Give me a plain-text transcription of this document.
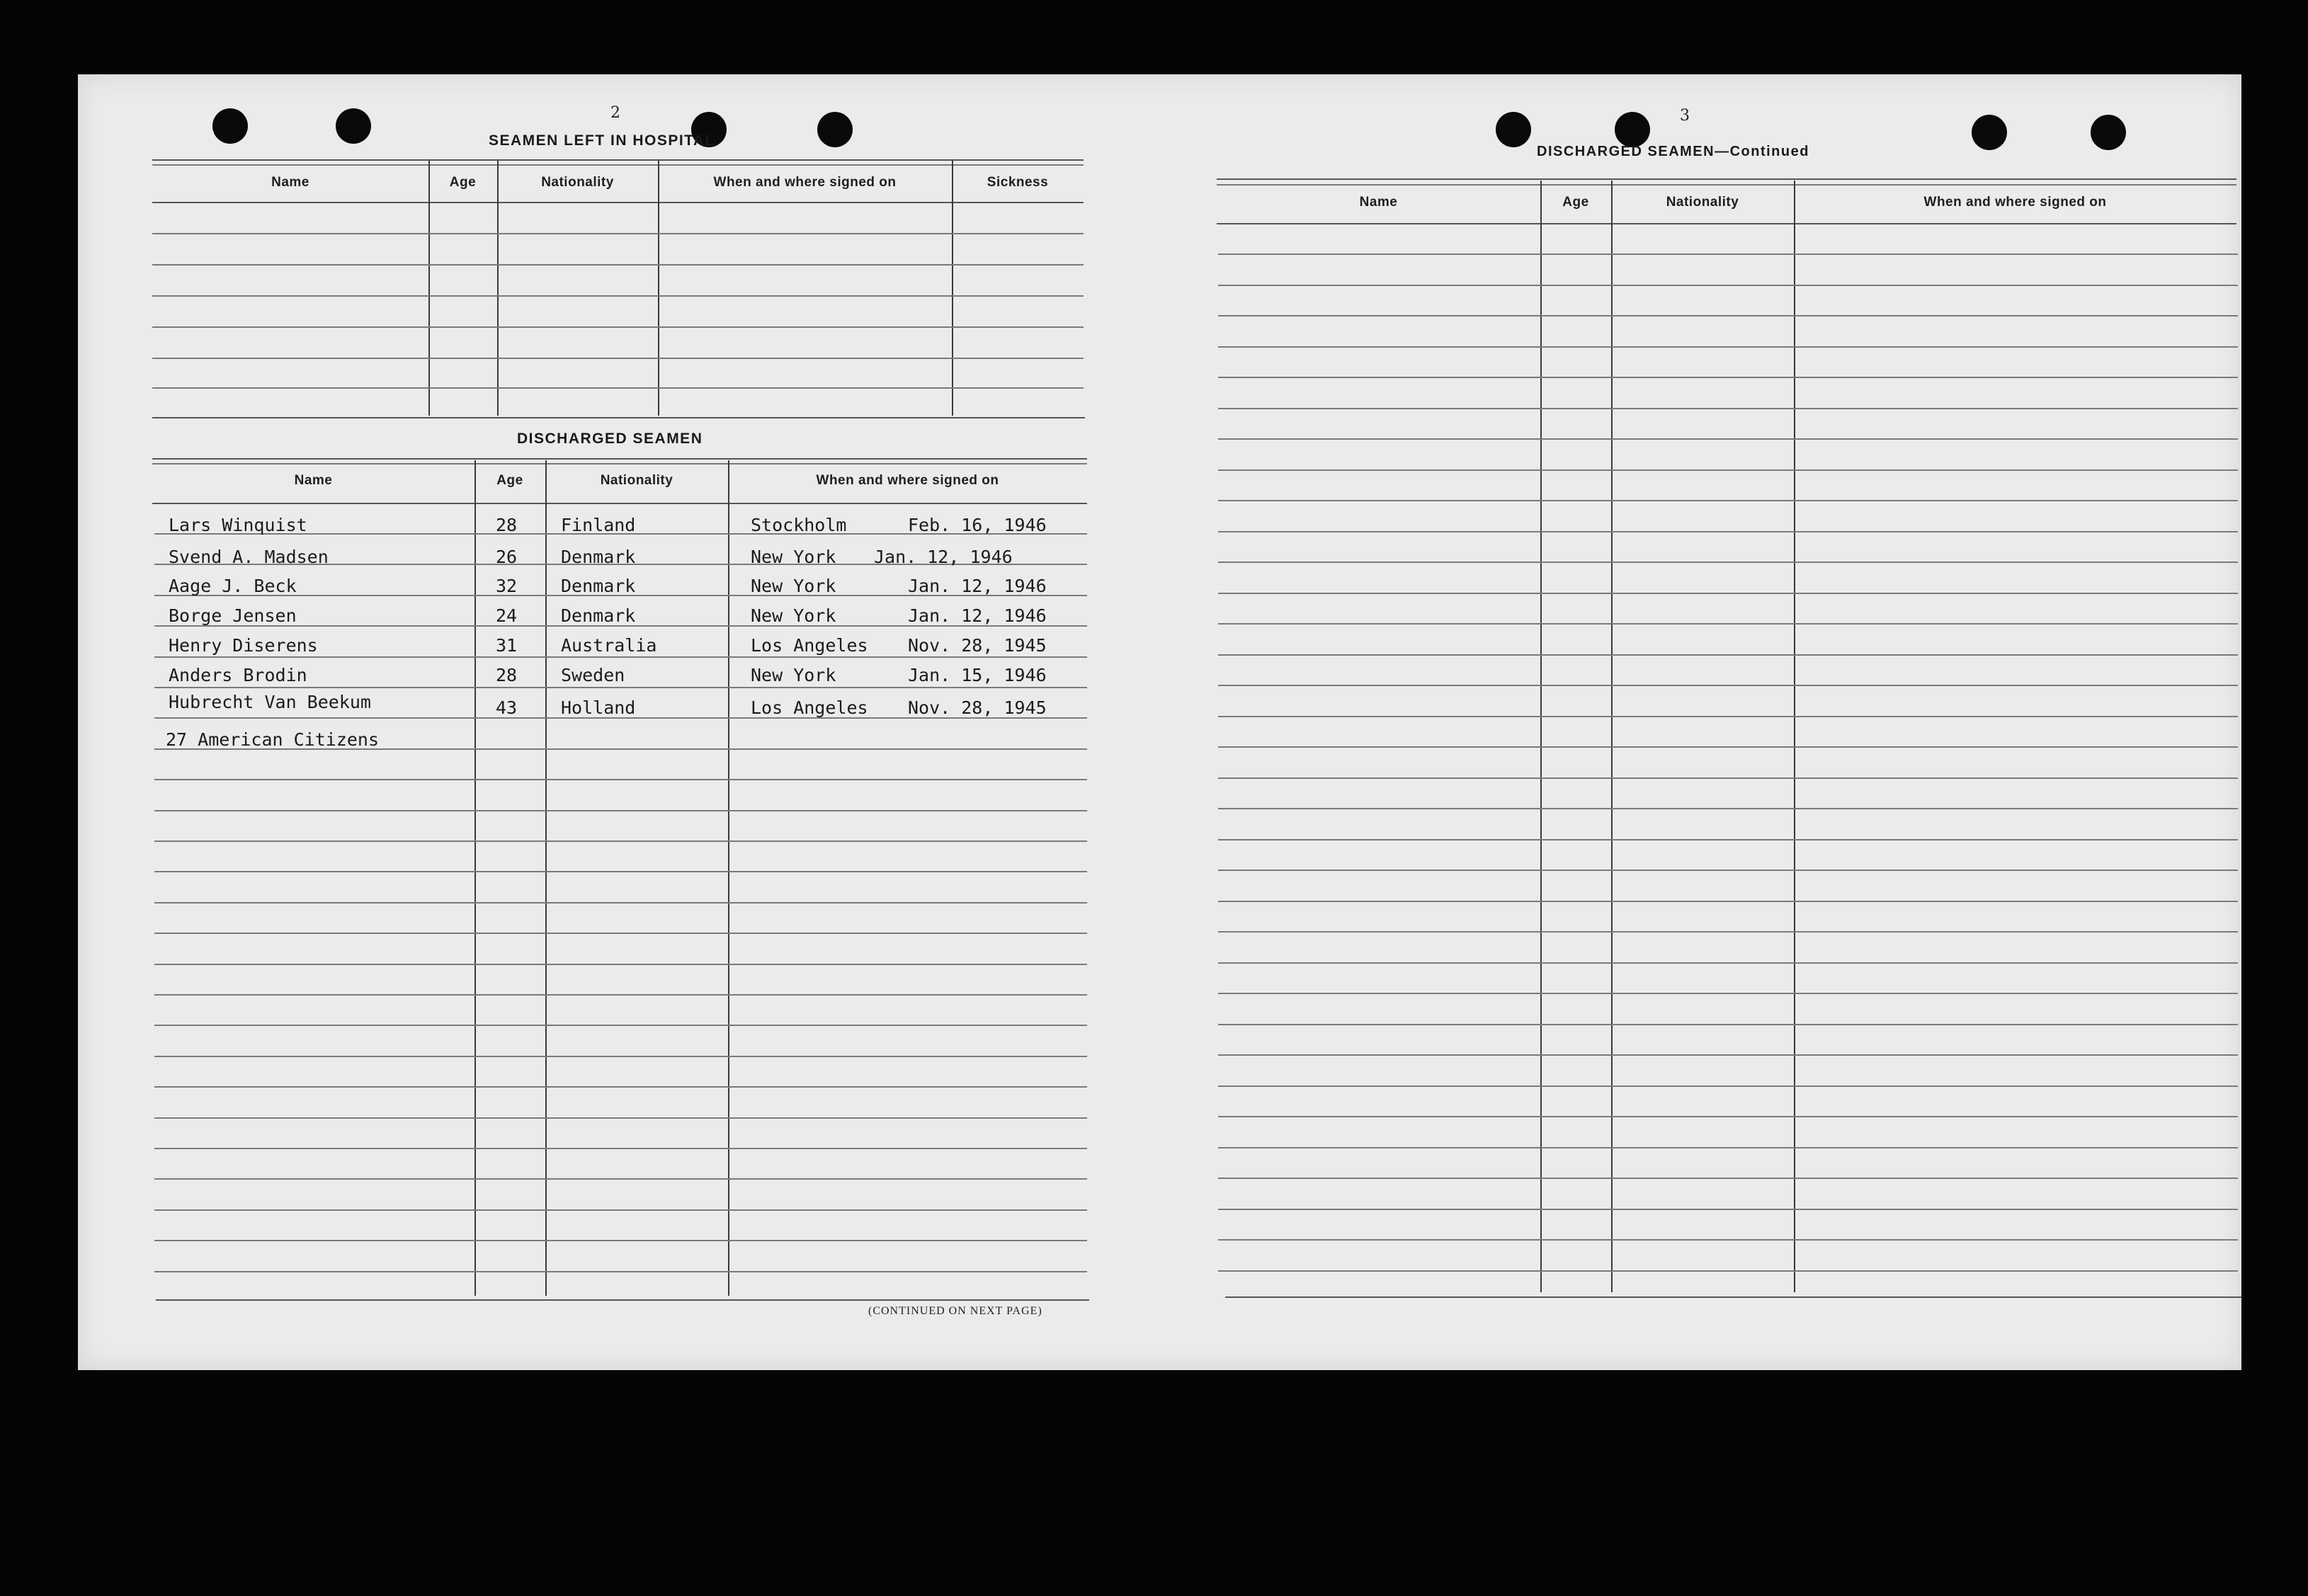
2
SEAMEN LEFT IN HOSPITAL
Name	Age	Nationality	When and where signed on	Sickness
DISCHARGED SEAMEN
Name	Age	Nationality	When and where signed on
Lars Winquist	28 Finland	Stockholm	Feb. 16, 1946
Svend A. Madsen	26 Denmark	New York Jan. 12, 1946
Aage J. Beck	32 Denmark	New York	Jan. 12, 1946
Borge Jensen	24 Denmark	New York	Jan. 12, 1946
Henry Diserens	31 Australia	Los Angeles Nov. 28, 1945
Anders Brodin	28 Sweden	New York	Jan. 15, 1946
Hubrecht Van Beekum	43 Holland	Los Angeles Nov. 28, 1945
27 American Citizens
(CONTINUED ON NEXT PAGE)
3
DISCHARGED SEAMEN—Continued
Name	Age	Nationality	When and where signed on
